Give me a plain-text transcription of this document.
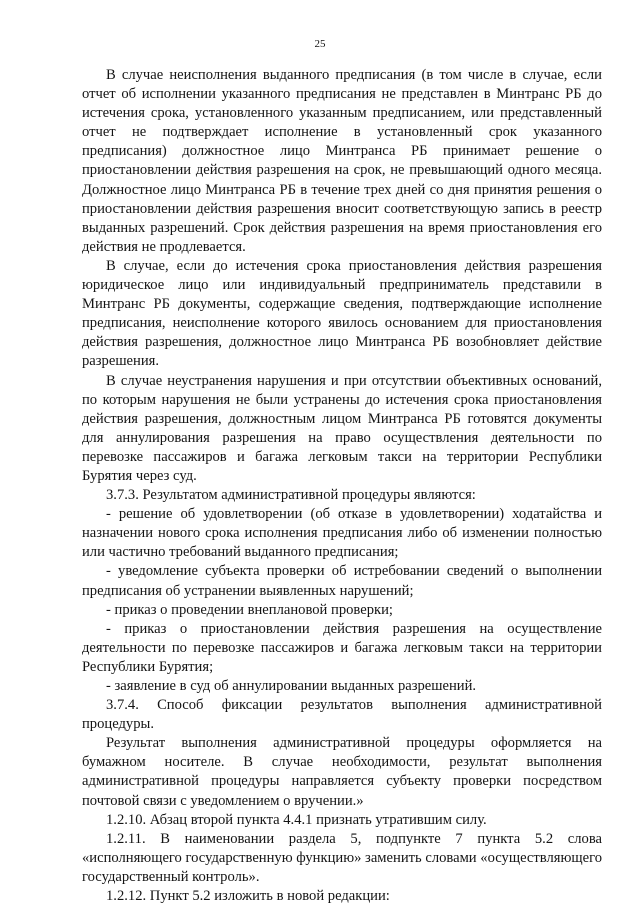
25

В случае неисполнения выданного предписания (в том числе в случае, если отчет об исполнении указанного предписания не представлен в Минтранс РБ до истечения срока, установленного указанным предписанием, или представленный отчет не подтверждает исполнение в установленный срок указанного предписания) должностное лицо Минтранса РБ принимает решение о приостановлении действия разрешения на срок, не превышающий одного месяца. Должностное лицо Минтранса РБ в течение трех дней со дня принятия решения о приостановлении действия разрешения вносит соответствующую запись в реестр выданных разрешений. Срок действия разрешения на время приостановления его действия не продлевается.

В случае, если до истечения срока приостановления действия разрешения юридическое лицо или индивидуальный предприниматель представили в Минтранс РБ документы, содержащие сведения, подтверждающие исполнение предписания, неисполнение которого явилось основанием для приостановления действия разрешения, должностное лицо Минтранса РБ возобновляет действие разрешения.

В случае неустранения нарушения и при отсутствии объективных оснований, по которым нарушения не были устранены до истечения срока приостановления действия разрешения, должностным лицом Минтранса РБ готовятся документы для аннулирования разрешения на право осуществления деятельности по перевозке пассажиров и багажа легковым такси на территории Республики Бурятия через суд.

3.7.3. Результатом административной процедуры являются:

- решение об удовлетворении (об отказе в удовлетворении) ходатайства и назначении нового срока исполнения предписания либо об изменении полностью или частично требований выданного предписания;

- уведомление субъекта проверки об истребовании сведений о выполнении предписания об устранении выявленных нарушений;

- приказ о проведении внеплановой проверки;

- приказ о приостановлении действия разрешения на осуществление деятельности по перевозке пассажиров и багажа легковым такси на территории Республики Бурятия;

- заявление в суд об аннулировании выданных разрешений.

3.7.4. Способ фиксации результатов выполнения административной процедуры.

Результат выполнения административной процедуры оформляется на бумажном носителе. В случае необходимости, результат выполнения административной процедуры направляется субъекту проверки посредством почтовой связи с уведомлением о вручении.»

1.2.10. Абзац второй пункта 4.4.1 признать утратившим силу.

1.2.11. В наименовании раздела 5, подпункте 7 пункта 5.2 слова «исполняющего государственную функцию» заменить словами «осуществляющего государственный контроль».

1.2.12. Пункт 5.2 изложить в новой редакции:
